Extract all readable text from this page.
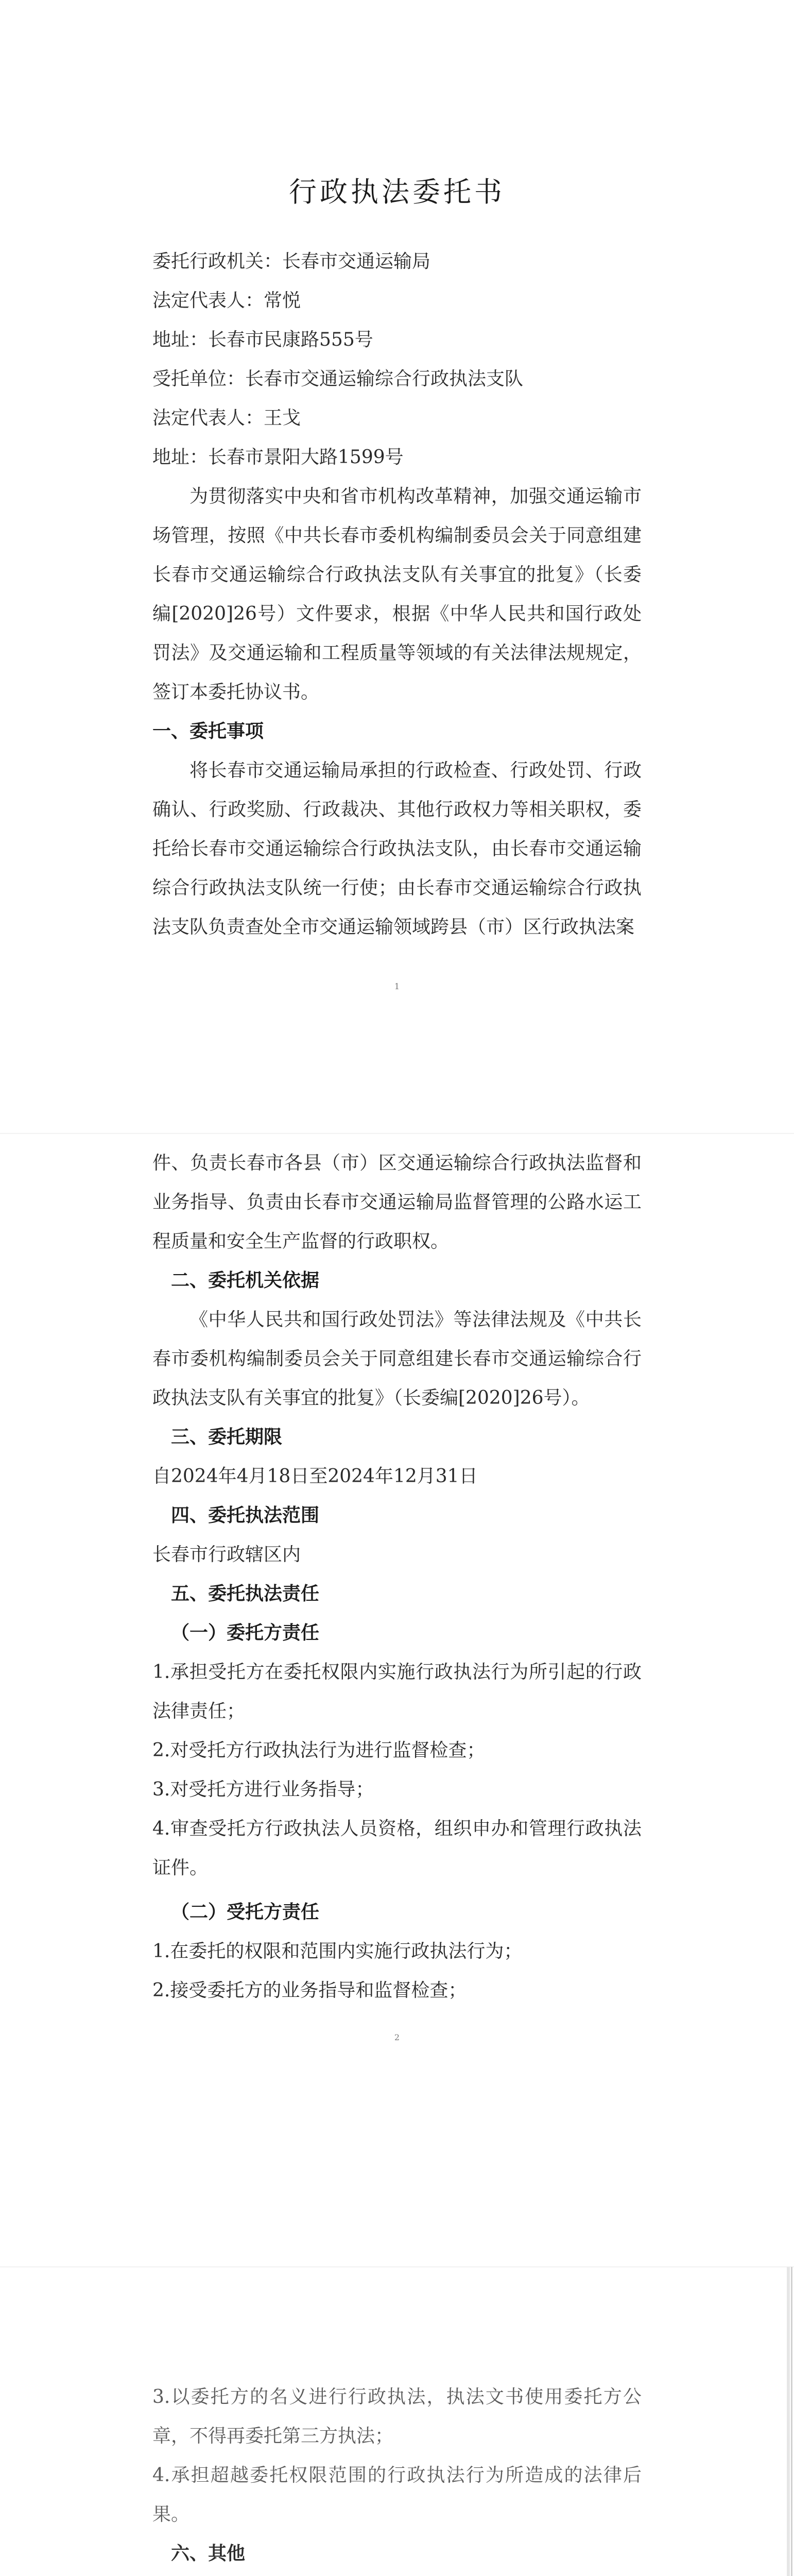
行政执法委托书
委托行政机关：长春市交通运输局
法定代表人：常悦
地址：长春市民康路555号
受托单位：长春市交通运输综合行政执法支队
法定代表人：王戈
地址：长春市景阳大路1599号
为贯彻落实中央和省市机构改革精神，加强交通运输市场管理，按照《中共长春市委机构编制委员会关于同意组建长春市交通运输综合行政执法支队有关事宜的批复》（长委编[2020]26号）文件要求，根据《中华人民共和国行政处罚法》及交通运输和工程质量等领域的有关法律法规规定，签订本委托协议书。
一、委托事项
将长春市交通运输局承担的行政检查、行政处罚、行政确认、行政奖励、行政裁决、其他行政权力等相关职权，委托给长春市交通运输综合行政执法支队，由长春市交通运输综合行政执法支队统一行使；由长春市交通运输综合行政执法支队负责查处全市交通运输领域跨县（市）区行政执法案
1
件、负责长春市各县（市）区交通运输综合行政执法监督和业务指导、负责由长春市交通运输局监督管理的公路水运工程质量和安全生产监督的行政职权。
二、委托机关依据
《中华人民共和国行政处罚法》等法律法规及《中共长春市委机构编制委员会关于同意组建长春市交通运输综合行政执法支队有关事宜的批复》（长委编[2020]26号）。
三、委托期限
自2024年4月18日至2024年12月31日
四、委托执法范围
长春市行政辖区内
五、委托执法责任
（一）委托方责任
1.承担受托方在委托权限内实施行政执法行为所引起的行政法律责任；
2.对受托方行政执法行为进行监督检查；
3.对受托方进行业务指导；
4.审查受托方行政执法人员资格，组织申办和管理行政执法证件。
（二）受托方责任
1.在委托的权限和范围内实施行政执法行为；
2.接受委托方的业务指导和监督检查；
2
3.以委托方的名义进行行政执法，执法文书使用委托方公章，不得再委托第三方执法；
4.承担超越委托权限范围的行政执法行为所造成的法律后果。
六、其他
